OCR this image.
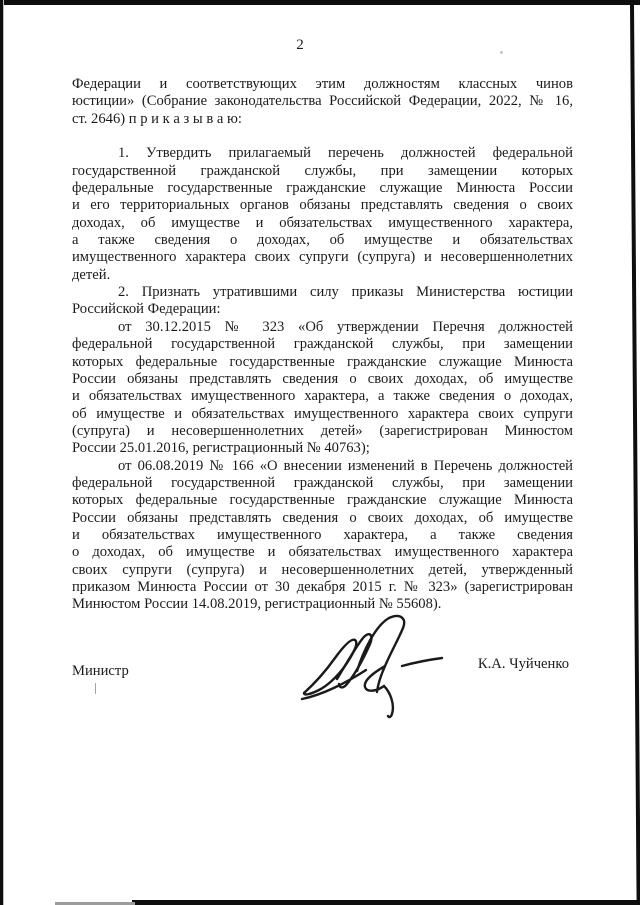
2
Федерации и соответствующих этим должностям классных чинов
юстиции» (Собрание законодательства Российской Федерации, 2022, № 16,
ст. 2646) п р и к а з ы в а ю:
1. Утвердить прилагаемый перечень должностей федеральной
государственной гражданской службы, при замещении которых
федеральные государственные гражданские служащие Минюста России
и его территориальных органов обязаны представлять сведения о своих
доходах, об имуществе и обязательствах имущественного характера,
а также сведения о доходах, об имуществе и обязательствах
имущественного характера своих супруги (супруга) и несовершеннолетних
детей.
2. Признать утратившими силу приказы Министерства юстиции
Российской Федерации:
от 30.12.2015 № 323 «Об утверждении Перечня должностей
федеральной государственной гражданской службы, при замещении
которых федеральные государственные гражданские служащие Минюста
России обязаны представлять сведения о своих доходах, об имуществе
и обязательствах имущественного характера, а также сведения о доходах,
об имуществе и обязательствах имущественного характера своих супруги
(супруга) и несовершеннолетних детей» (зарегистрирован Минюстом
России 25.01.2016, регистрационный № 40763);
от 06.08.2019 № 166 «О внесении изменений в Перечень должностей
федеральной государственной гражданской службы, при замещении
которых федеральные государственные гражданские служащие Минюста
России обязаны представлять сведения о своих доходах, об имуществе
и обязательствах имущественного характера, а также сведения
о доходах, об имуществе и обязательствах имущественного характера
своих супруги (супруга) и несовершеннолетних детей, утвержденный
приказом Минюста России от 30 декабря 2015 г. № 323» (зарегистрирован
Минюстом России 14.08.2019, регистрационный № 55608).
Министр	К.А. Чуйченко
